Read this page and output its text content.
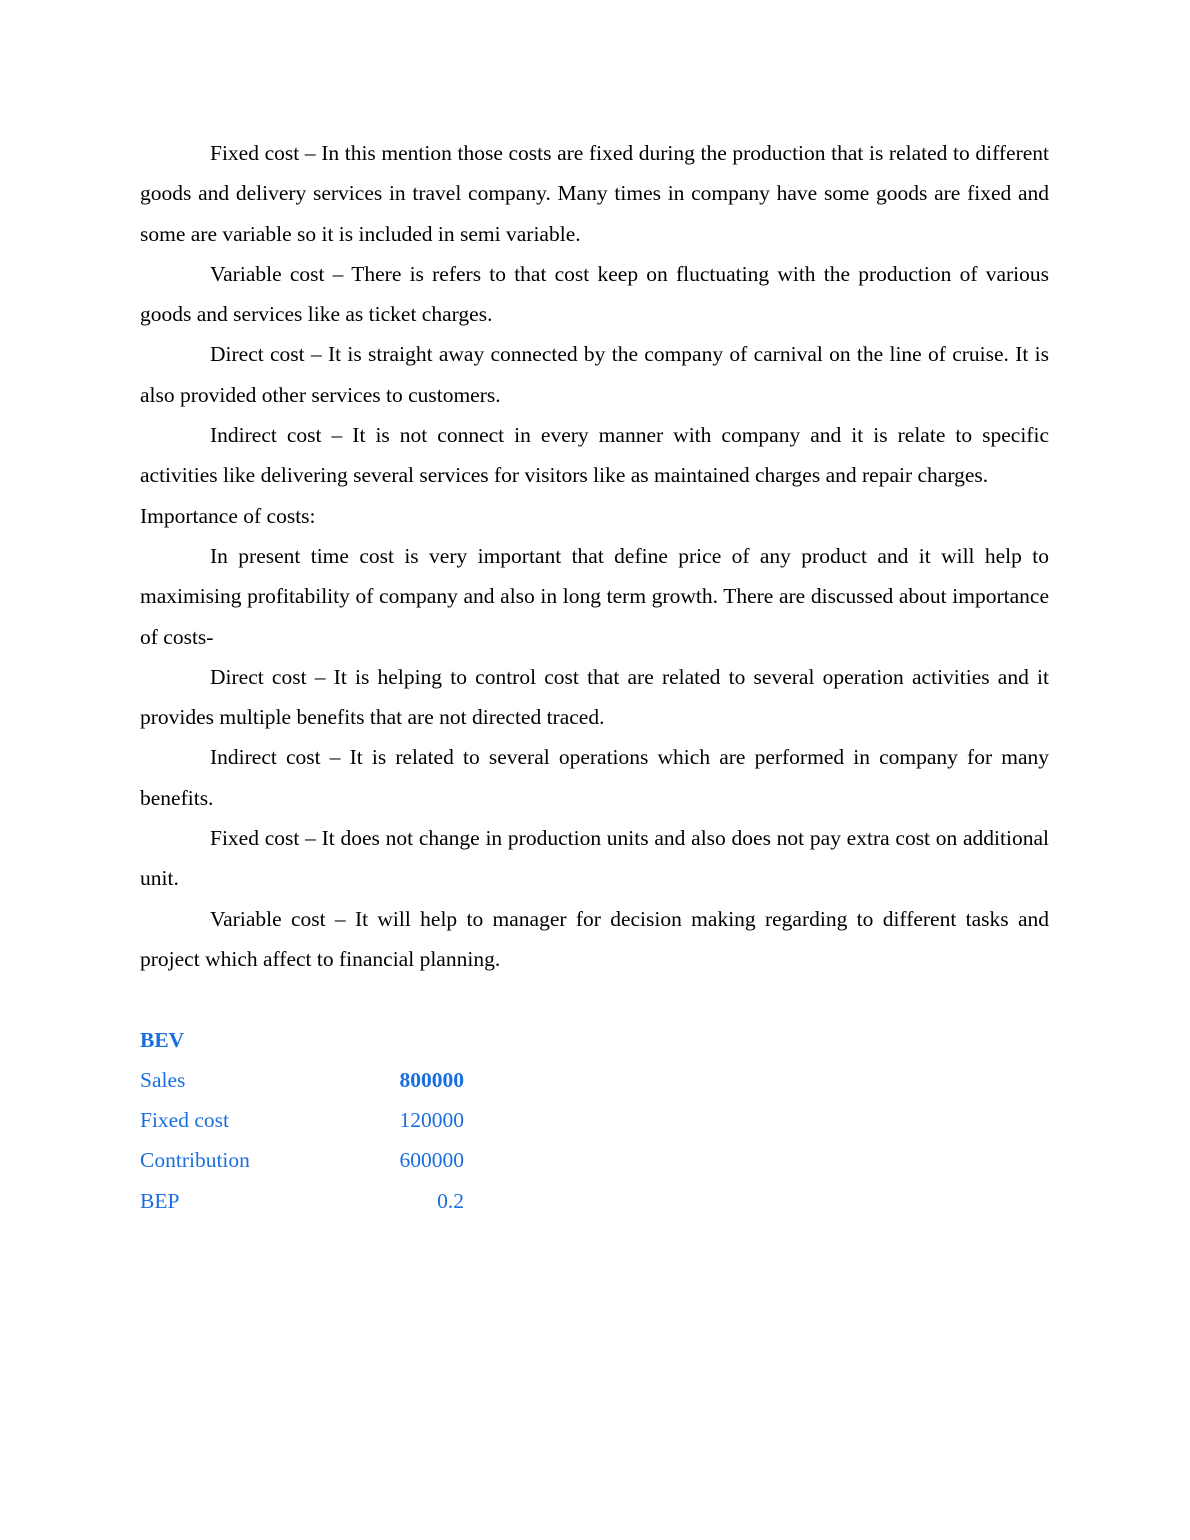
Fixed cost – In this mention those costs are fixed during the production that is related to different goods and delivery services in travel company. Many times in company have some goods are fixed and some are variable so it is included in semi variable.

Variable cost – There is refers to that cost keep on fluctuating with the production of various goods and services like as ticket charges.

Direct cost – It is straight away connected by the company of carnival on the line of cruise. It is also provided other services to customers.

Indirect cost – It is not connect in every manner with company and it is relate to specific activities like delivering several services for visitors like as maintained charges and repair charges.

Importance of costs:

In present time cost is very important that define price of any product and it will help to maximising profitability of company and also in long term growth. There are discussed about importance of costs-

Direct cost – It is helping to control cost that are related to several operation activities and it provides multiple benefits that are not directed traced.

Indirect cost – It is related to several operations which are performed in company for many benefits.

Fixed cost – It does not change in production units and also does not pay extra cost on additional unit.

Variable cost – It will help to manager for decision making regarding to different tasks and project which affect to financial planning.

BEV

Sales	800000
Fixed cost	120000
Contribution	600000
BEP	0.2
